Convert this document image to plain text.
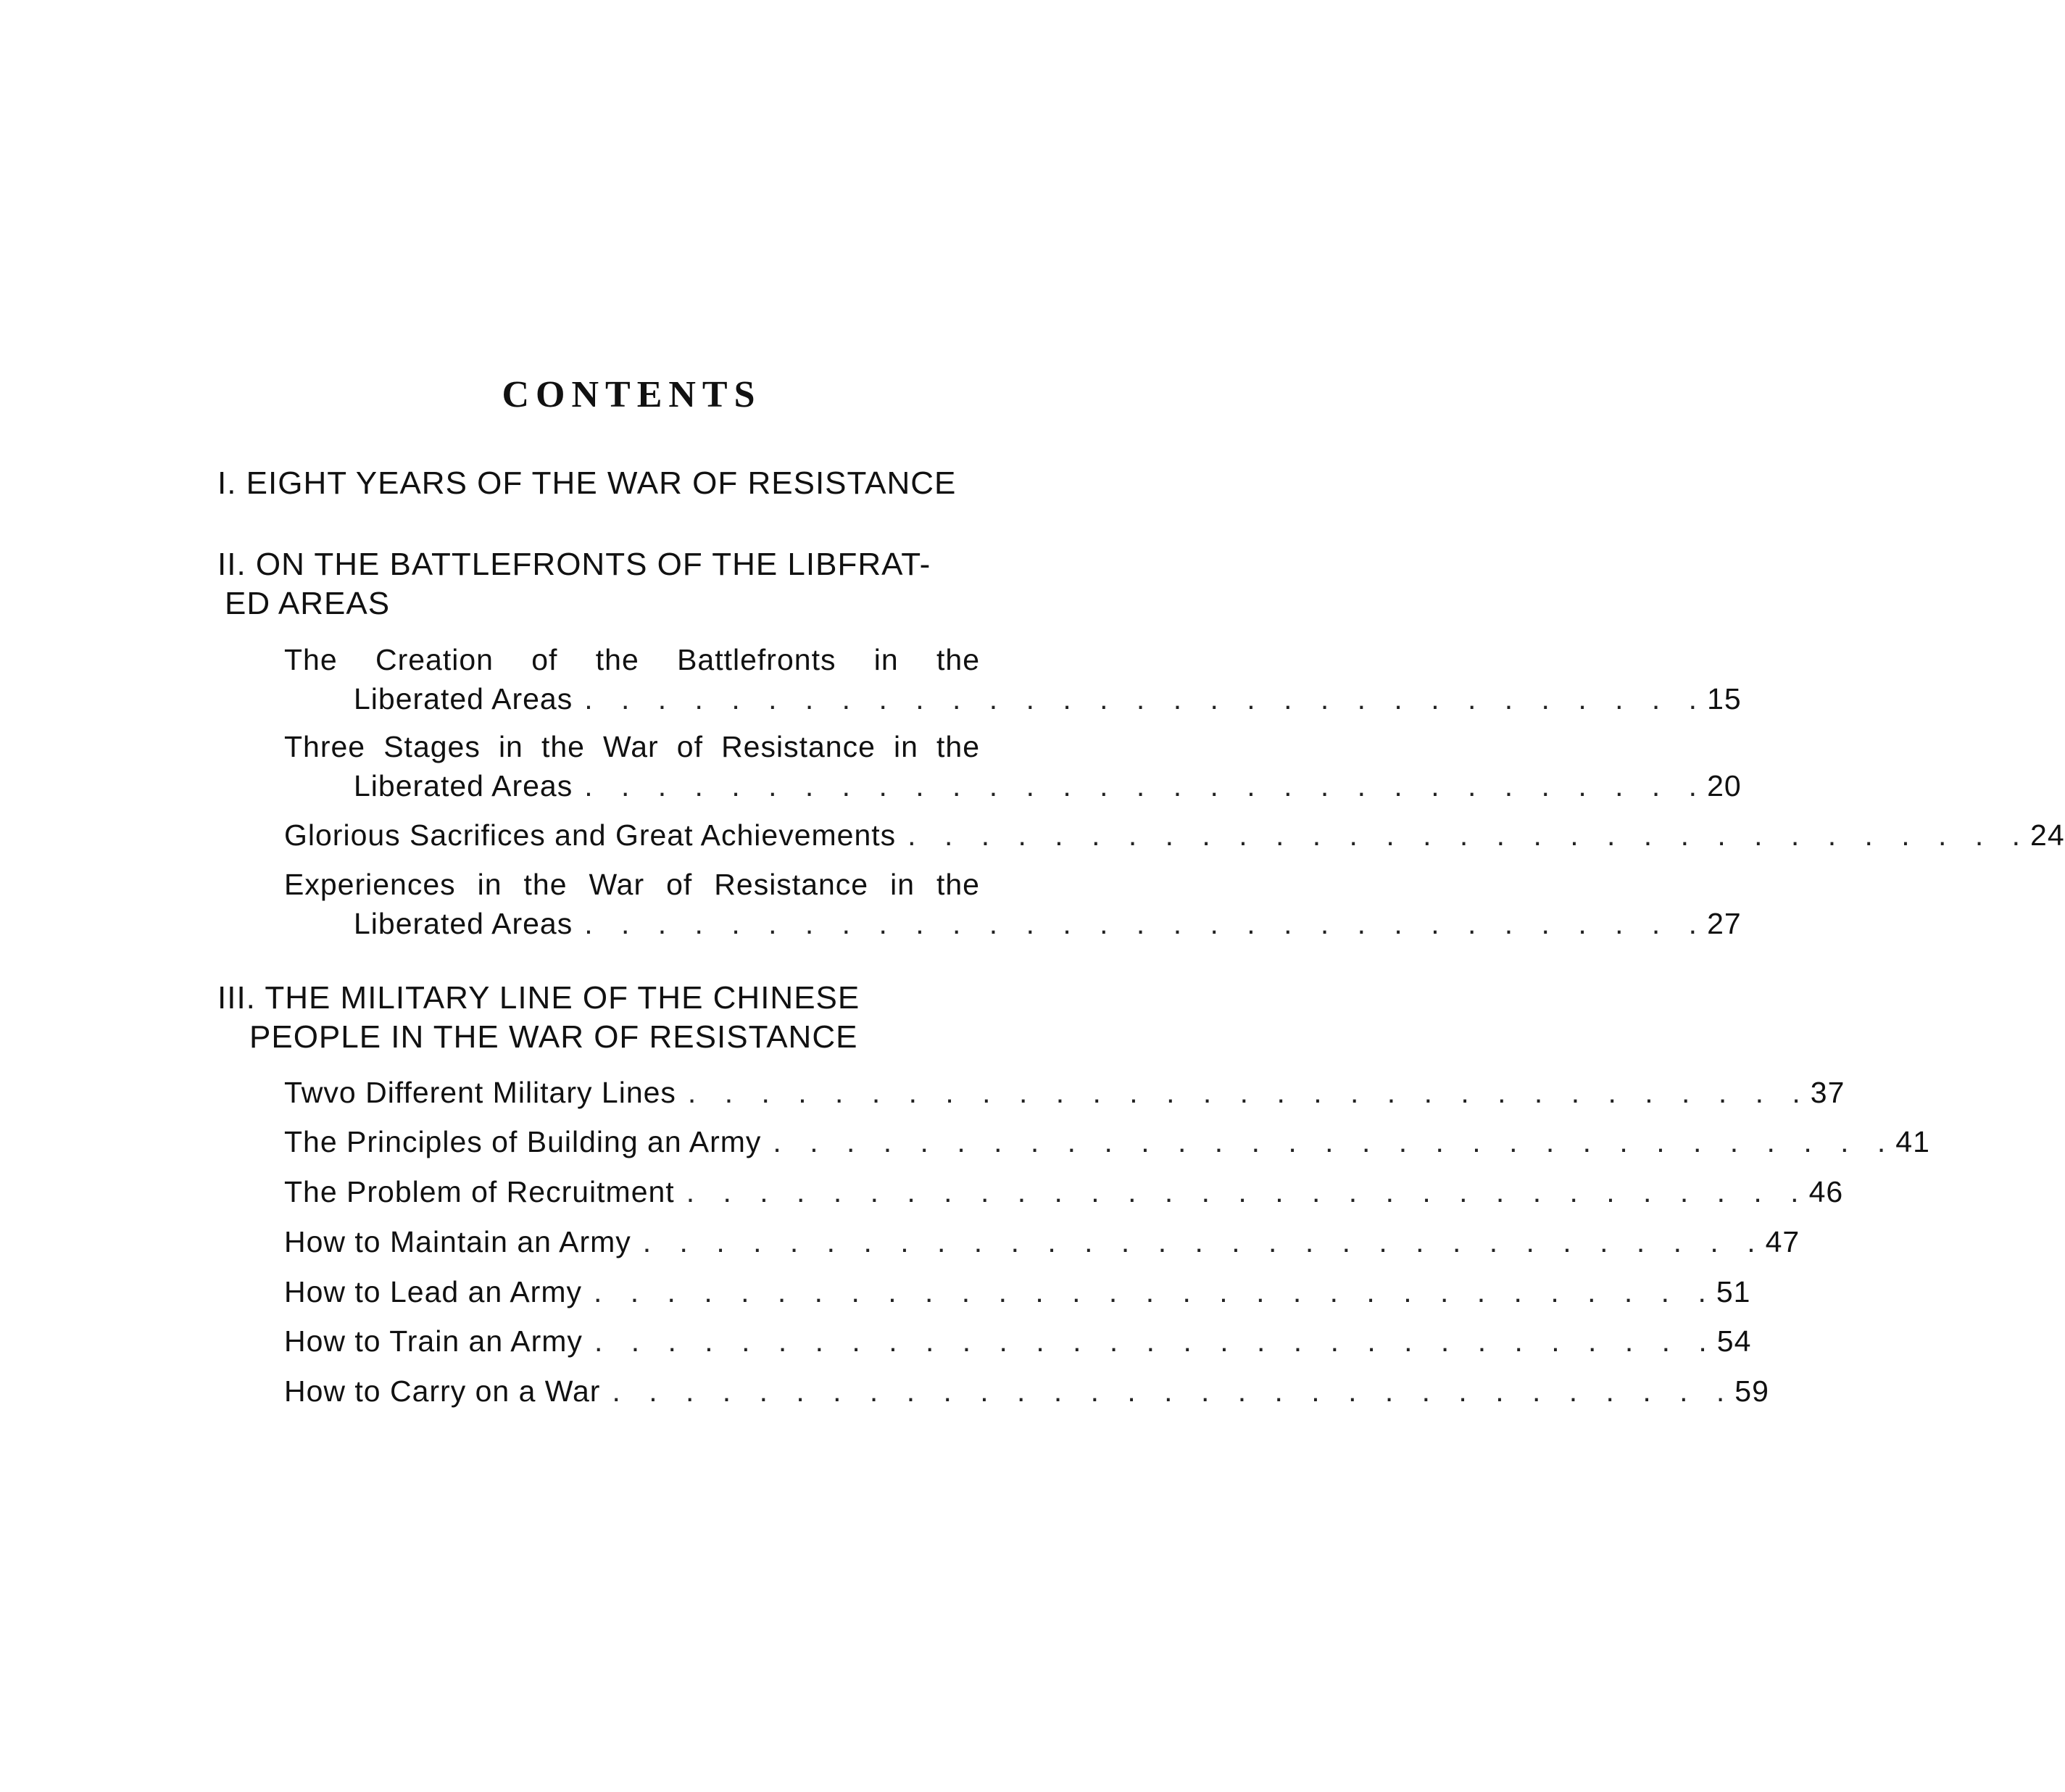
CONTENTS
I. EIGHT YEARS OF THE WAR OF RESISTANCE
II. ON THE BATTLEFRONTS OF THE LIBFRAT-
ED AREAS
The Creation of the Battlefronts in the
Liberated Areas . . . . . . . . . . . . . . . . . . . . . . . . . . . . . . . 15
Three Stages in the War of Resistance in the
Liberated Areas . . . . . . . . . . . . . . . . . . . . . . . . . . . . . . . 20
Glorious Sacrifices and Great Achievements . . . . . . . . . . . . . . . . . . . . . . . . . . . . . . . 24
Experiences in the War of Resistance in the
Liberated Areas . . . . . . . . . . . . . . . . . . . . . . . . . . . . . . . 27
III. THE MILITARY LINE OF THE CHINESE
PEOPLE IN THE WAR OF RESISTANCE
Twvo Different Military Lines . . . . . . . . . . . . . . . . . . . . . . . . . . . . . . . 37
The Principles of Building an Army . . . . . . . . . . . . . . . . . . . . . . . . . . . . . . . 41
The Problem of Recruitment . . . . . . . . . . . . . . . . . . . . . . . . . . . . . . . 46
How to Maintain an Army . . . . . . . . . . . . . . . . . . . . . . . . . . . . . . . 47
How to Lead an Army . . . . . . . . . . . . . . . . . . . . . . . . . . . . . . . 51
How to Train an Army . . . . . . . . . . . . . . . . . . . . . . . . . . . . . . . 54
How to Carry on a War . . . . . . . . . . . . . . . . . . . . . . . . . . . . . . . 59
